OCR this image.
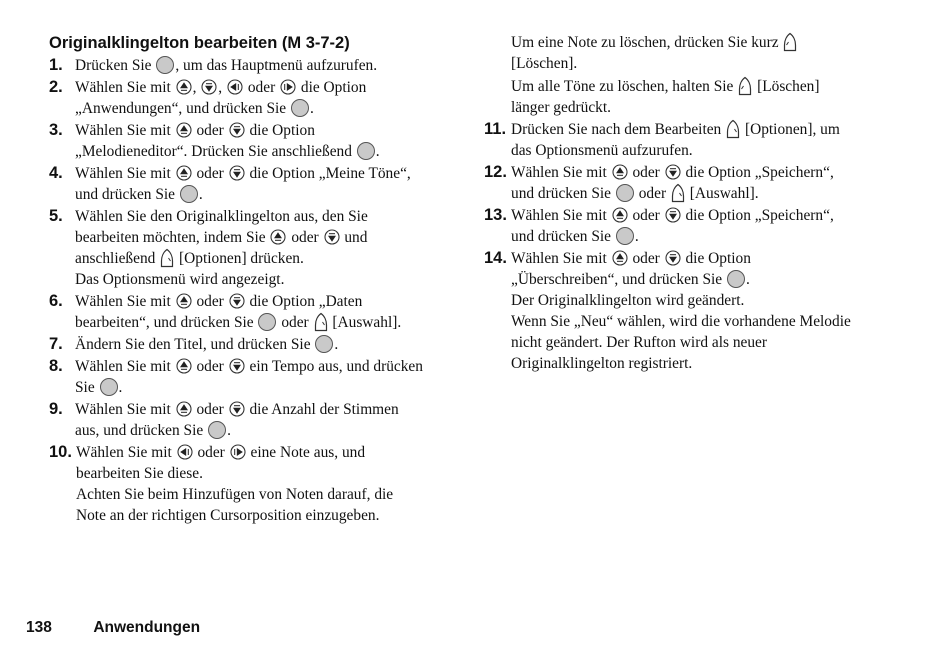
Originalklingelton bearbeiten (M 3-7-2)
1. Drücken Sie , um das Hauptmenü aufzurufen.
2. Wählen Sie mit , ,  oder  die Option
„Anwendungen“, und drücken Sie .
3. Wählen Sie mit  oder  die Option
„Melodieneditor“. Drücken Sie anschließend .
4. Wählen Sie mit  oder  die Option „Meine Töne“,
und drücken Sie .
5. Wählen Sie den Originalklingelton aus, den Sie
bearbeiten möchten, indem Sie  oder  und
anschließend  [Optionen] drücken.
Das Optionsmenü wird angezeigt.
6. Wählen Sie mit  oder  die Option „Daten
bearbeiten“, und drücken Sie  oder  [Auswahl].
7. Ändern Sie den Titel, und drücken Sie .
8. Wählen Sie mit  oder  ein Tempo aus, und drücken
Sie .
9. Wählen Sie mit  oder  die Anzahl der Stimmen
aus, und drücken Sie .
10. Wählen Sie mit  oder  eine Note aus, und
bearbeiten Sie diese.
Achten Sie beim Hinzufügen von Noten darauf, die
Note an der richtigen Cursorposition einzugeben.
Um eine Note zu löschen, drücken Sie kurz
[Löschen].
Um alle Töne zu löschen, halten Sie  [Löschen]
länger gedrückt.
11. Drücken Sie nach dem Bearbeiten  [Optionen], um
das Optionsmenü aufzurufen.
12. Wählen Sie mit  oder  die Option „Speichern“,
und drücken Sie  oder  [Auswahl].
13. Wählen Sie mit  oder  die Option „Speichern“,
und drücken Sie .
14. Wählen Sie mit  oder  die Option
„Überschreiben“, und drücken Sie .
Der Originalklingelton wird geändert.
Wenn Sie „Neu“ wählen, wird die vorhandene Melodie
nicht geändert. Der Rufton wird als neuer
Originalklingelton registriert.
138	Anwendungen
